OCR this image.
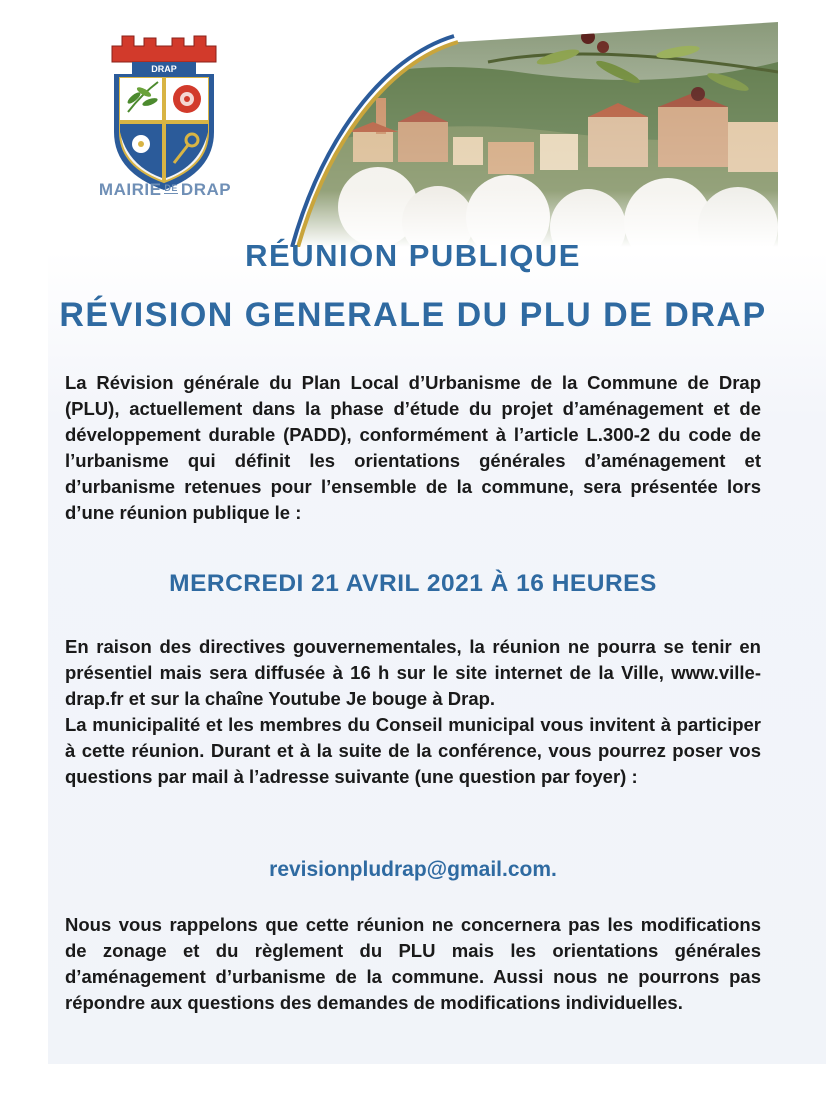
DRAP
MAIRIE $^{DE}$ DRAP
RÉUNION PUBLIQUE
RÉVISION GENERALE DU PLU DE DRAP

La Révision générale du Plan Local d’Urbanisme de la Commune de Drap (PLU), actuellement dans la phase d’étude du projet d’aménagement et de développement durable (PADD), conformément à l’article L.300-2 du code de l’urbanisme qui définit les orientations générales d’aménagement et d’urbanisme retenues pour l’ensemble de la commune, sera présentée lors d’une réunion publique le :

MERCREDI 21 AVRIL 2021 À 16 HEURES
En raison des directives gouvernementales, la réunion ne pourra se tenir en présentiel mais sera diffusée à 16 h sur le site internet de la Ville, www.ville-drap.fr et sur la chaîne Youtube Je bouge à Drap.
La municipalité et les membres du Conseil municipal vous invitent à participer à cette réunion. Durant et à la suite de la conférence, vous pourrez poser vos questions par mail à l’adresse suivante (une question par foyer) :
revisionpludrap@gmail.com.

Nous vous rappelons que cette réunion ne concernera pas les modifications de zonage et du règlement du PLU mais les orientations générales d’aménagement d’urbanisme de la commune. Aussi nous ne pourrons pas répondre aux questions des demandes de modifications individuelles.
